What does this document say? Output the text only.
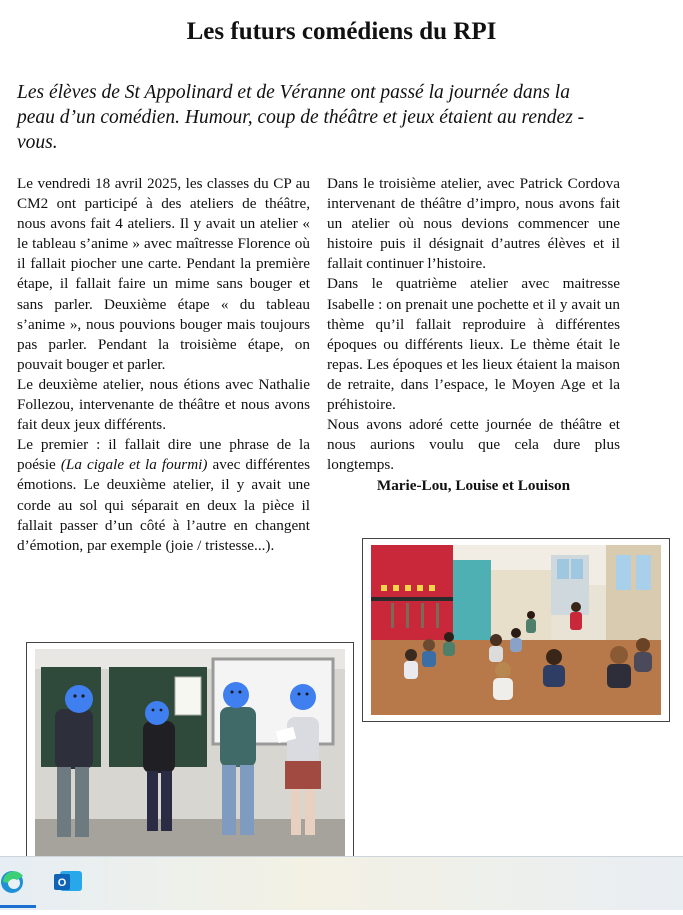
Les futurs comédiens du RPI
Les élèves de St Appolinard et de Véranne ont passé la journée dans la peau d’un comédien. Humour, coup de théâtre et jeux étaient au rendez - vous.

Le vendredi 18 avril 2025, les classes du CP au CM2 ont participé à des ateliers de théâtre, nous avons fait 4 ateliers. Il y avait un atelier « le tableau s’anime » avec maîtresse Florence où il fallait piocher une carte. Pendant la première étape, il fallait faire un mime sans bouger et sans parler. Deuxième étape « du tableau s’anime », nous pouvions bouger mais toujours pas parler. Pendant la troisième étape, on pouvait bouger et parler.

Le deuxième atelier, nous étions avec Nathalie Follezou, intervenante de théâtre et nous avons fait deux jeux différents.

Le premier : il fallait dire une phrase de la poésie (La cigale et la fourmi) avec différentes émotions. Le deuxième atelier, il y avait une corde au sol qui séparait en deux la pièce il fallait passer d’un côté à l’autre en changent d’émotion, par exemple (joie / tristesse...).

Dans le troisième atelier, avec Patrick Cordova intervenant de théâtre d’impro, nous avons fait un atelier où nous devions commencer une histoire puis il désignait d’autres élèves et il fallait continuer l’histoire.

Dans le quatrième atelier avec maitresse Isabelle : on prenait une pochette et il y avait un thème qu’il fallait reproduire à différentes époques ou différents lieux. Le thème était le repas. Les époques et les lieux étaient la maison de retraite, dans l’espace, le Moyen Age et la préhistoire.

Nous avons adoré cette journée de théâtre et nous aurions voulu que cela dure plus longtemps.

Marie-Lou, Louise et Louison

O
